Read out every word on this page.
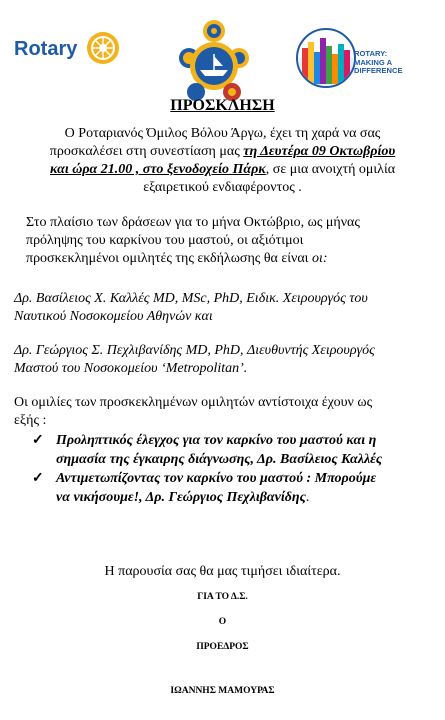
Rotary	ROTARY:
MAKING A
DIFFERENCE
ΠΡΟΣΚΛΗΣΗ
Ο Ροταριανός Όμιλος Βόλου Άργω, έχει τη χαρά να σας
προσκαλέσει στη συνεστίαση μας τη Δευτέρα 09 Οκτωβρίου
και ώρα 21.00 , στο ξενοδοχείο Πάρκ, σε μια ανοιχτή ομιλία
εξαιρετικού ενδιαφέροντος .
Στο πλαίσιο των δράσεων για το μήνα Οκτώβριο, ως μήνας
πρόληψης του καρκίνου του μαστού, οι αξιότιμοι
προσκεκλημένοι ομιλητές της εκδήλωσης θα είναι οι:
Δρ. Βασίλειος Χ. Καλλές MD, MSc, PhD, Ειδικ. Χειρουργός του
Ναυτικού Νοσοκομείου Αθηνών και
Δρ. Γεώργιος Σ. Πεχλιβανίδης MD, PhD, Διευθυντής Χειρουργός
Μαστού του Νοσοκομείου ‘Metropolitan’.
Οι ομιλίες των προσκεκλημένων ομιλητών αντίστοιχα έχουν ως
εξής :
✓ Προληπτικός έλεγχος για τον καρκίνο του μαστού και η
σημασία της έγκαιρης διάγνωσης, Δρ. Βασίλειος Καλλές
✓ Αντιμετωπίζοντας τον καρκίνο του μαστού : Μπορούμε
να νικήσουμε!, Δρ. Γεώργιος Πεχλιβανίδης.
Η παρουσία σας θα μας τιμήσει ιδιαίτερα.
ΓΙΑ ΤΟ Δ.Σ.
Ο
ΠΡΟΕΔΡΟΣ
ΙΩΑΝΝΗΣ ΜΑΜΟΥΡΑΣ
